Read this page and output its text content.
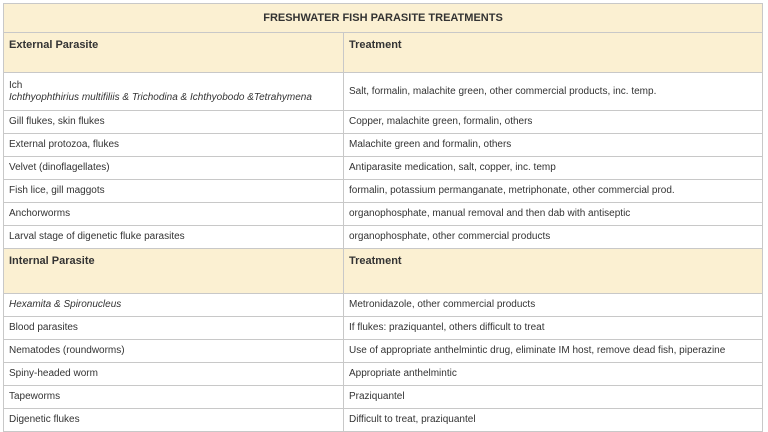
FRESHWATER FISH PARASITE TREATMENTS	
External Parasite	Treatment

Ich
Ichthyophthirius multifiliis & Trichodina & Ichthyobodo &Tetrahymena	Salt, formalin, malachite green, other commercial products, inc. temp.
Gill flukes, skin flukes	Copper, malachite green, formalin, others
External protozoa, flukes	Malachite green and formalin, others
Velvet (dinoflagellates)	Antiparasite medication, salt, copper, inc. temp
Fish lice, gill maggots	formalin, potassium permanganate, metriphonate, other commercial prod.
Anchorworms	organophosphate, manual removal and then dab with antiseptic
Larval stage of digenetic fluke parasites	organophosphate, other commercial products
Internal Parasite	Treatment
Hexamita & Spironucleus	Metronidazole, other commercial products
Blood parasites	If flukes: praziquantel, others difficult to treat
Nematodes (roundworms)	Use of appropriate anthelmintic drug, eliminate IM host, remove dead fish, piperazine
Spiny-headed worm	Appropriate anthelmintic
Tapeworms	Praziquantel
Digenetic flukes	Difficult to treat, praziquantel
